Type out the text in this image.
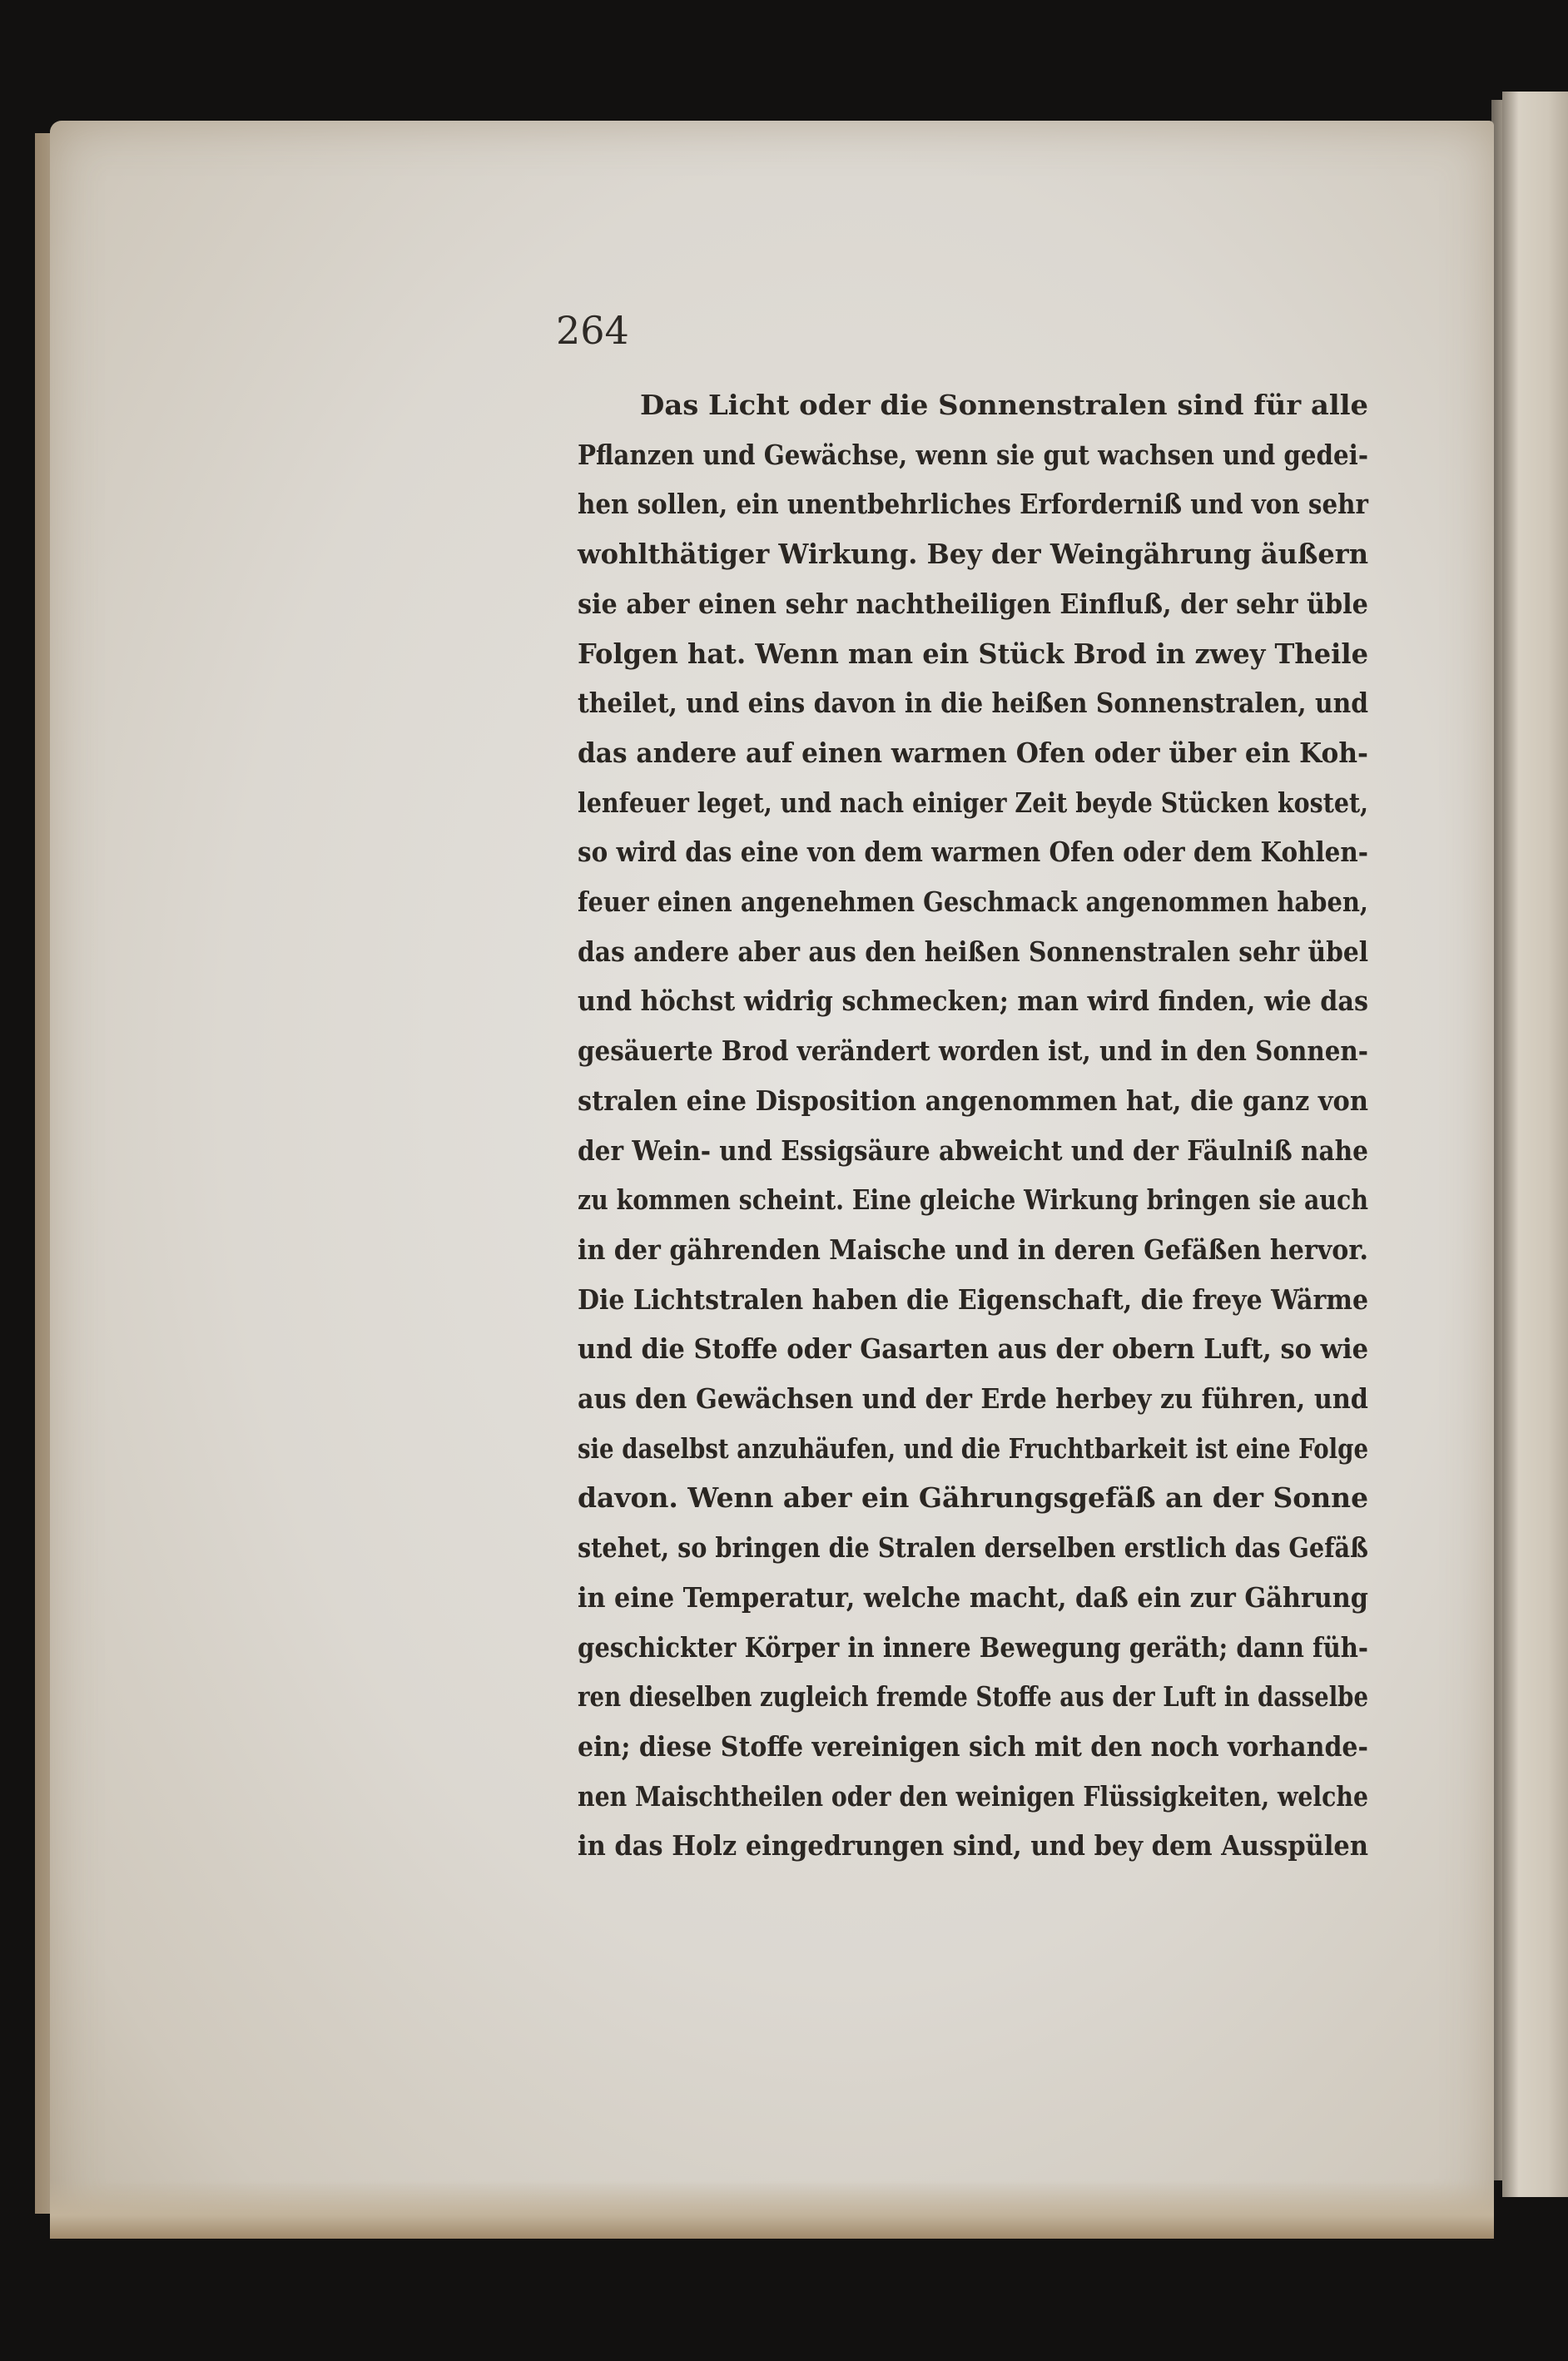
264
Das Licht oder die Sonnenstralen sind für alle
Pflanzen und Gewächse, wenn sie gut wachsen und gedei-
hen sollen, ein unentbehrliches Erforderniß und von sehr
wohlthätiger Wirkung. Bey der Weingährung äußern
sie aber einen sehr nachtheiligen Einfluß, der sehr üble
Folgen hat. Wenn man ein Stück Brod in zwey Theile
theilet, und eins davon in die heißen Sonnenstralen, und
das andere auf einen warmen Ofen oder über ein Koh-
lenfeuer leget, und nach einiger Zeit beyde Stücken kostet,
so wird das eine von dem warmen Ofen oder dem Kohlen-
feuer einen angenehmen Geschmack angenommen haben,
das andere aber aus den heißen Sonnenstralen sehr übel
und höchst widrig schmecken; man wird finden, wie das
gesäuerte Brod verändert worden ist, und in den Sonnen-
stralen eine Disposition angenommen hat, die ganz von
der Wein- und Essigsäure abweicht und der Fäulniß nahe
zu kommen scheint. Eine gleiche Wirkung bringen sie auch
in der gährenden Maische und in deren Gefäßen hervor.
Die Lichtstralen haben die Eigenschaft, die freye Wärme
und die Stoffe oder Gasarten aus der obern Luft, so wie
aus den Gewächsen und der Erde herbey zu führen, und
sie daselbst anzuhäufen, und die Fruchtbarkeit ist eine Folge
davon. Wenn aber ein Gährungsgefäß an der Sonne
stehet, so bringen die Stralen derselben erstlich das Gefäß
in eine Temperatur, welche macht, daß ein zur Gährung
geschickter Körper in innere Bewegung geräth; dann füh-
ren dieselben zugleich fremde Stoffe aus der Luft in dasselbe
ein; diese Stoffe vereinigen sich mit den noch vorhande-
nen Maischtheilen oder den weinigen Flüssigkeiten, welche
in das Holz eingedrungen sind, und bey dem Ausspülen
